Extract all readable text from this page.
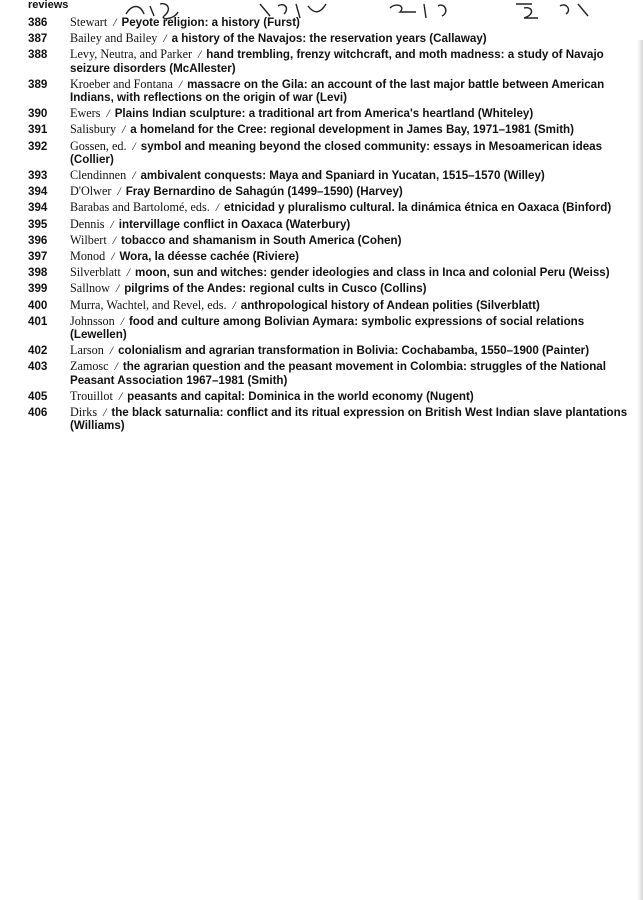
reviews
386	Stewart / Peyote religion: a history (Furst)
387	Bailey and Bailey / a history of the Navajos: the reservation years (Callaway)
388	Levy, Neutra, and Parker / hand trembling, frenzy witchcraft, and moth madness: a study of Navajo seizure disorders (McAllester)
389	Kroeber and Fontana / massacre on the Gila: an account of the last major battle between American Indians, with reflections on the origin of war (Levi)
390	Ewers / Plains Indian sculpture: a traditional art from America's heartland (Whiteley)
391	Salisbury / a homeland for the Cree: regional development in James Bay, 1971–1981 (Smith)
392	Gossen, ed. / symbol and meaning beyond the closed community: essays in Mesoamerican ideas (Collier)
393	Clendinnen / ambivalent conquests: Maya and Spaniard in Yucatan, 1515–1570 (Willey)
394	D'Olwer / Fray Bernardino de Sahagún (1499–1590) (Harvey)
394	Barabas and Bartolomé, eds. / etnicidad y pluralismo cultural. la dinámica étnica en Oaxaca (Binford)
395	Dennis / intervillage conflict in Oaxaca (Waterbury)
396	Wilbert / tobacco and shamanism in South America (Cohen)
397	Monod / Wora, la déesse cachée (Riviere)
398	Silverblatt / moon, sun and witches: gender ideologies and class in Inca and colonial Peru (Weiss)
399	Sallnow / pilgrims of the Andes: regional cults in Cusco (Collins)
400	Murra, Wachtel, and Revel, eds. / anthropological history of Andean polities (Silverblatt)
401	Johnsson / food and culture among Bolivian Aymara: symbolic expressions of social relations (Lewellen)
402	Larson / colonialism and agrarian transformation in Bolivia: Cochabamba, 1550–1900 (Painter)
403	Zamosc / the agrarian question and the peasant movement in Colombia: struggles of the National Peasant Association 1967–1981 (Smith)
405	Trouillot / peasants and capital: Dominica in the world economy (Nugent)
406	Dirks / the black saturnalia: conflict and its ritual expression on British West Indian slave plantations (Williams)
